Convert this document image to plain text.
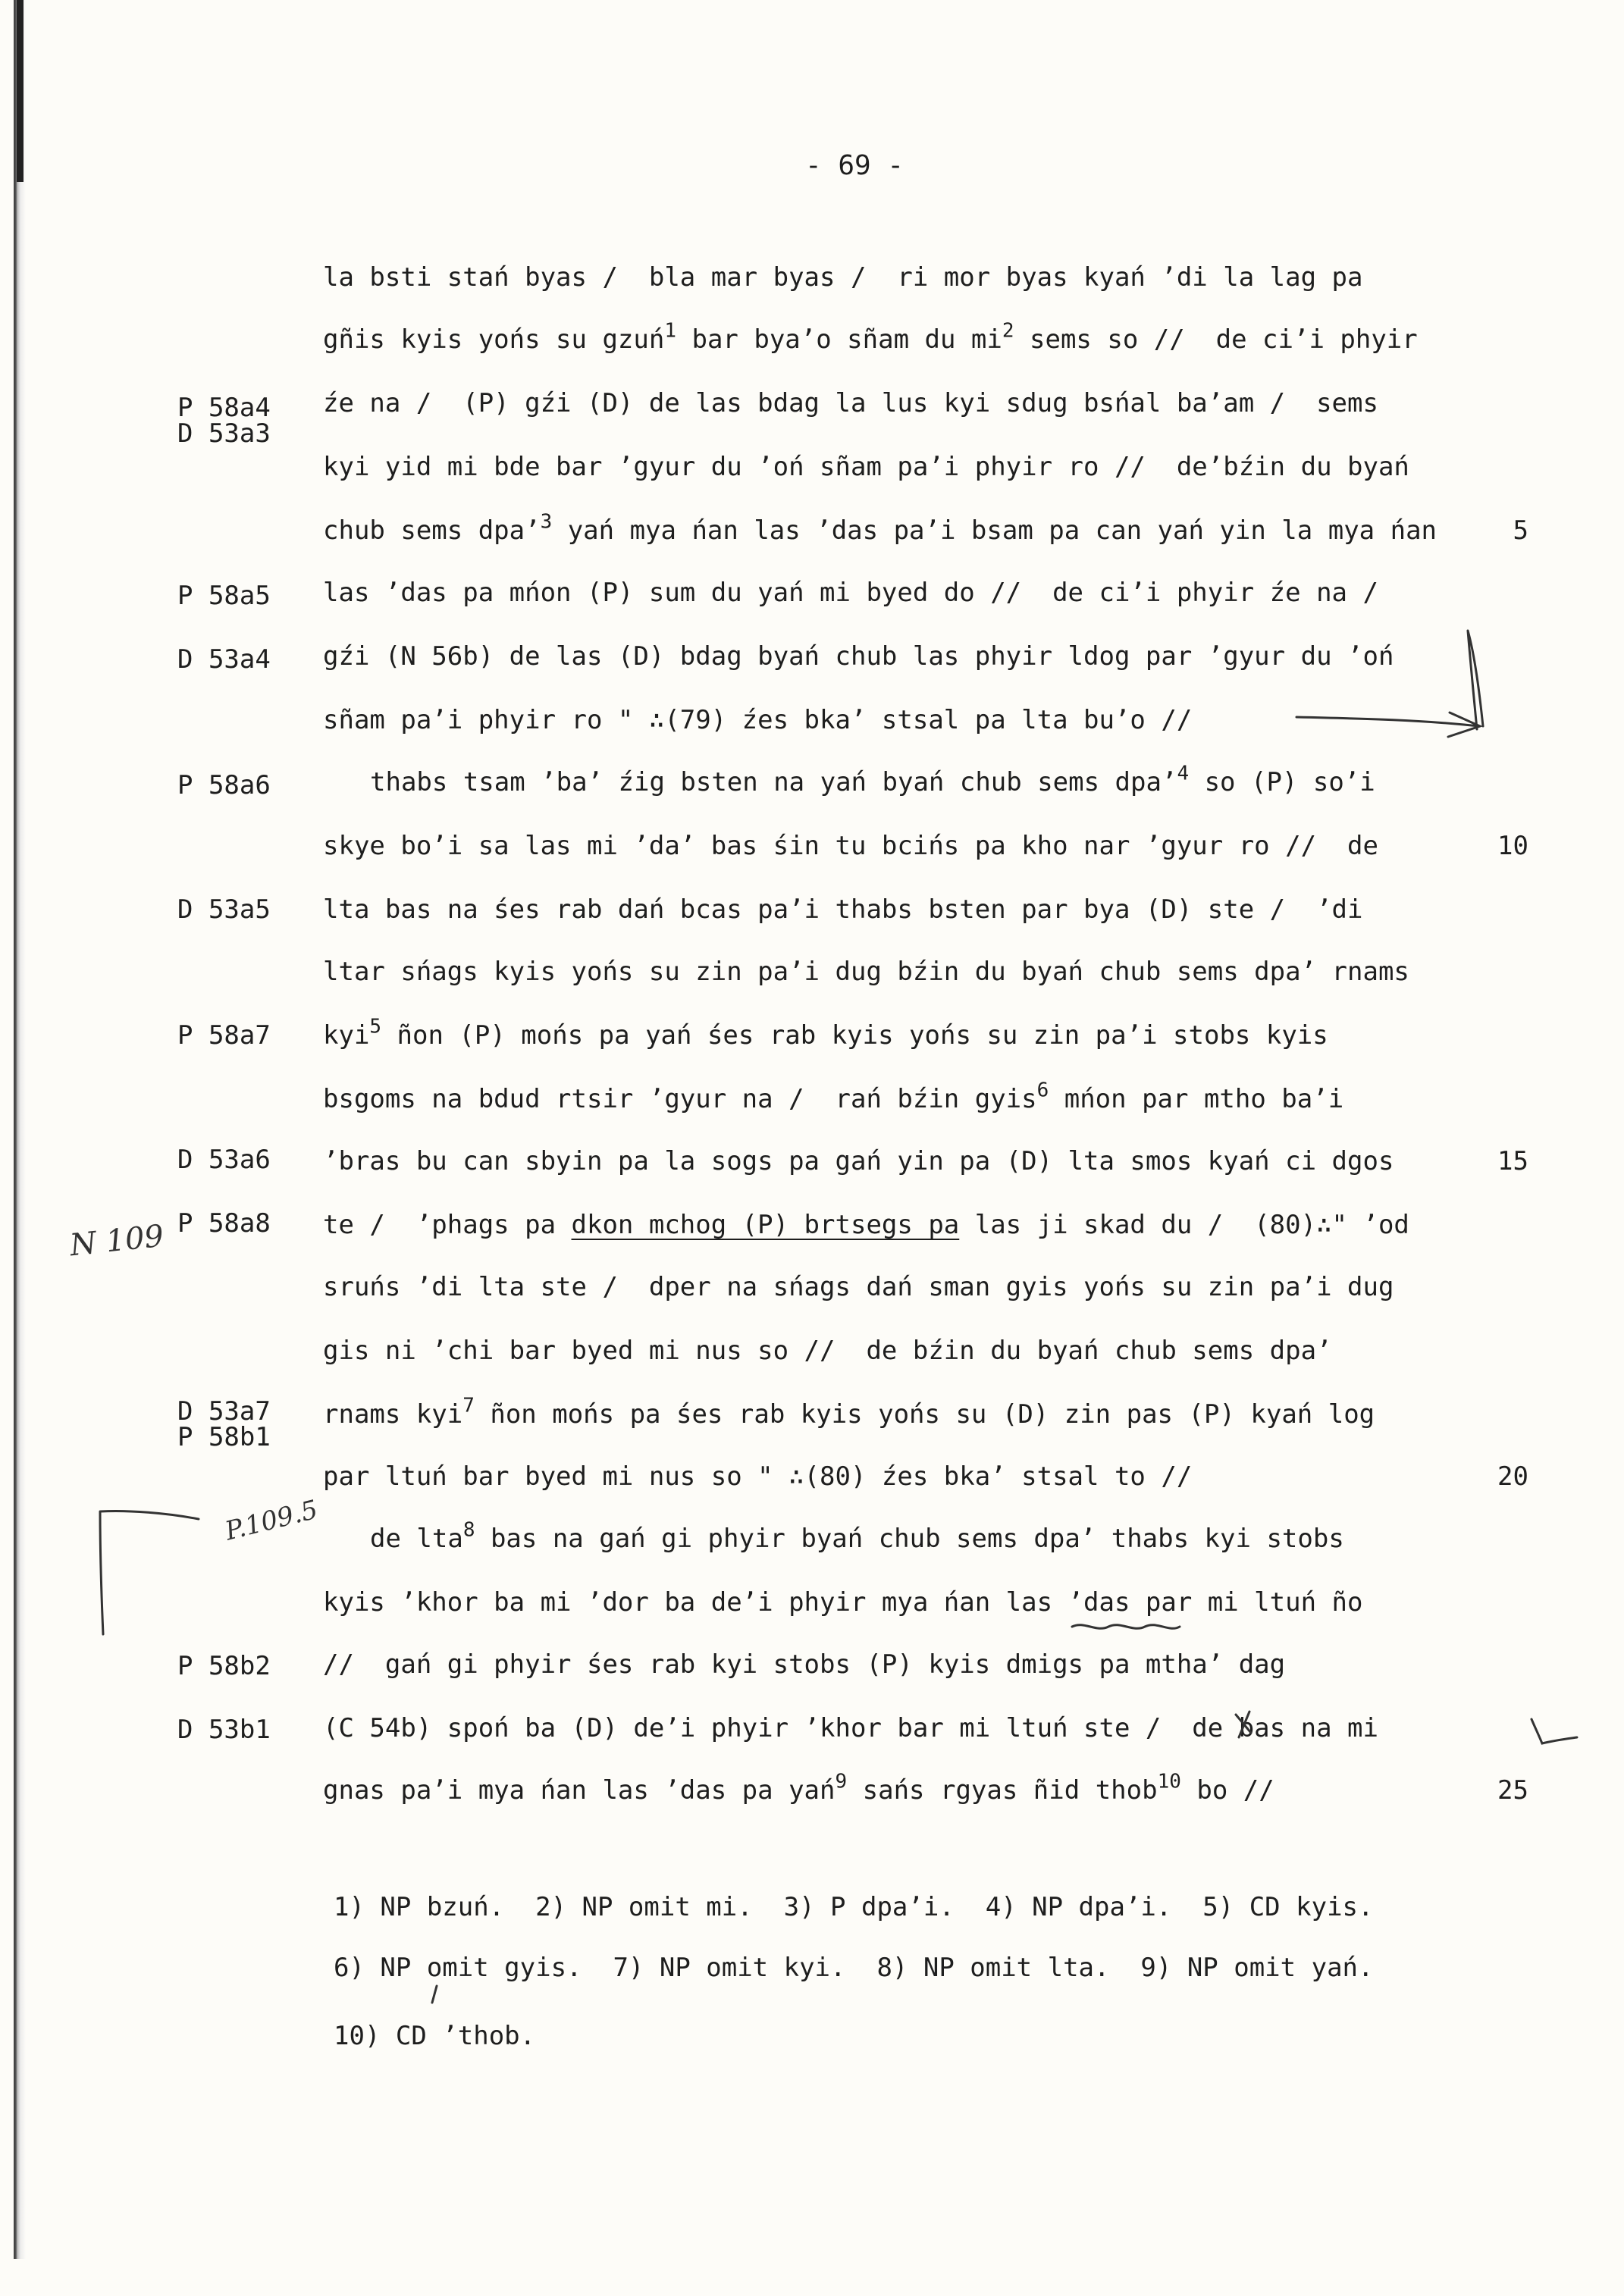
- 69 -
la bsti stań byas /  bla mar byas /  ri mor byas kyań ʼdi la lag pa
gñis kyis yońs su gzuń$^1$ bar byaʼo sñam du $mi^2$ sems so //  de ciʼi phyir
źe na /  (P) gźi (D) de las bdag la lus kyi sdug bsńal baʼam /  sems
kyi yid mi bde bar ʼgyur du ʼoń sñam paʼi phyir ro //  deʼbźin du byań
chub sems dpaʼ$^3$ yań mya ńan las ʼdas paʼi bsam pa can yań yin la mya ńan
las ʼdas pa mńon (P) sum du yań mi byed do //  de ciʼi phyir źe na /
gźi (N 56b) de las (D) bdag byań chub las phyir ldog par ʼgyur du ʼoń
sñam paʼi phyir ro " ∴(79) źes bkaʼ stsal pa lta buʼo //
thabs tsam ʼbaʼ źig bsten na yań byań chub sems dpaʼ$^4$ so (P) soʼi
skye boʼi sa las mi ʼdaʼ bas śin tu bcińs pa kho nar ʼgyur ro //  de
lta bas na śes rab dań bcas paʼi thabs bsten par bya (D) ste /  ʼdi
ltar sńags kyis yońs su zin paʼi dug bźin du byań chub sems dpaʼ rnams
kyi$^5$ ñon (P) mońs pa yań śes rab kyis yońs su zin paʼi stobs kyis
bsgoms na bdud rtsir ʼgyur na /  rań bźin gyis$^6$ mńon par mtho baʼi
ʼbras bu can sbyin pa la sogs pa gań yin pa (D) lta smos kyań ci dgos
te /  ʼphags pa dkon mchog (P) brtsegs pa las ji skad du /  (80)∴" ʼod
sruńs ʼdi lta ste /  dper na sńags dań sman gyis yońs su zin paʼi dug
gis ni ʼchi bar byed mi nus so //  de bźin du byań chub sems dpaʼ
rnams kyi$^7$ ñon mońs pa śes rab kyis yońs su (D) zin pas (P) kyań log
par ltuń bar byed mi nus so " ∴(80) źes bkaʼ stsal to //
de lta$^8$ bas na gań gi phyir byań chub sems dpaʼ thabs kyi stobs
kyis ʼkhor ba mi ʼdor ba deʼi phyir mya ńan las ʼdas par mi ltuń ño
//  gań gi phyir śes rab kyi stobs (P) kyis dmigs pa mthaʼ dag
(C 54b) spoń ba (D) deʼi phyir ʼkhor bar mi ltuń ste /  de bas na mi
gnas paʼi mya ńan las ʼdas pa yań$^9$ sańs rgyas ñid thob$^{10}$ bo //
P 58a4
D 53a3
P 58a5
D 53a4
P 58a6
D 53a5
P 58a7
D 53a6
P 58a8
D 53a7
P 58b1
P 58b2
D 53b1
5
10
15
20
25
1) NP bzuń.  2) NP omit mi.  3) P dpaʼi.  4) NP dpaʼi.  5) CD kyis.
6) NP omit gyis.  7) NP omit kyi.  8) NP omit lta.  9) NP omit yań.
10) CD ʼthob.
N 109
P.109.5
